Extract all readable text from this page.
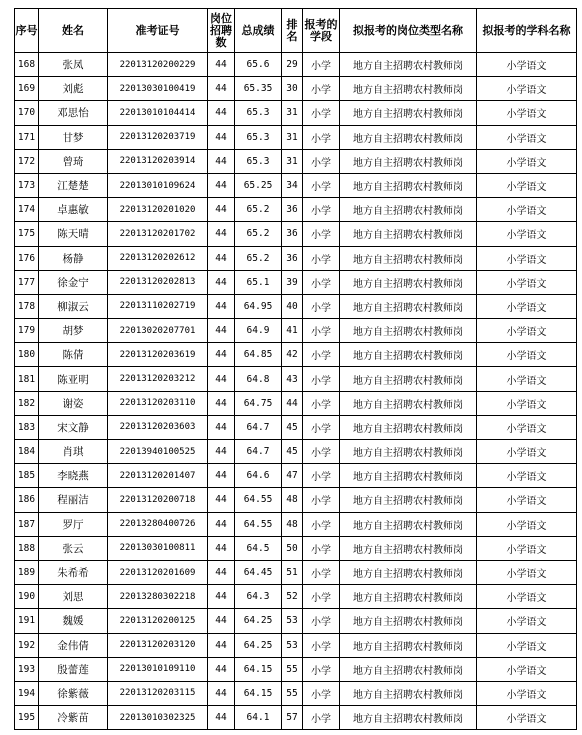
序号	姓名	准考证号	岗位招聘数	总成绩	排名	报考的学段	拟报考的岗位类型名称	拟报考的学科名称
168	张凤	22013120200229	44	65.6	29	小学	地方自主招聘农村教师岗	小学语文
169	刘彪	22013030100419	44	65.35	30	小学	地方自主招聘农村教师岗	小学语文
170	邓思怡	22013010104414	44	65.3	31	小学	地方自主招聘农村教师岗	小学语文
171	甘梦	22013120203719	44	65.3	31	小学	地方自主招聘农村教师岗	小学语文
172	曾琦	22013120203914	44	65.3	31	小学	地方自主招聘农村教师岗	小学语文
173	江楚楚	22013010109624	44	65.25	34	小学	地方自主招聘农村教师岗	小学语文
174	卓惠敏	22013120201020	44	65.2	36	小学	地方自主招聘农村教师岗	小学语文
175	陈天晴	22013120201702	44	65.2	36	小学	地方自主招聘农村教师岗	小学语文
176	杨静	22013120202612	44	65.2	36	小学	地方自主招聘农村教师岗	小学语文
177	徐金宁	22013120202813	44	65.1	39	小学	地方自主招聘农村教师岗	小学语文
178	柳淑云	22013110202719	44	64.95	40	小学	地方自主招聘农村教师岗	小学语文
179	胡梦	22013020207701	44	64.9	41	小学	地方自主招聘农村教师岗	小学语文
180	陈倩	22013120203619	44	64.85	42	小学	地方自主招聘农村教师岗	小学语文
181	陈亚明	22013120203212	44	64.8	43	小学	地方自主招聘农村教师岗	小学语文
182	谢姿	22013120203110	44	64.75	44	小学	地方自主招聘农村教师岗	小学语文
183	宋文静	22013120203603	44	64.7	45	小学	地方自主招聘农村教师岗	小学语文
184	肖琪	22013940100525	44	64.7	45	小学	地方自主招聘农村教师岗	小学语文
185	李晓燕	22013120201407	44	64.6	47	小学	地方自主招聘农村教师岗	小学语文
186	程丽洁	22013120200718	44	64.55	48	小学	地方自主招聘农村教师岗	小学语文
187	罗厅	22013280400726	44	64.55	48	小学	地方自主招聘农村教师岗	小学语文
188	张云	22013030100811	44	64.5	50	小学	地方自主招聘农村教师岗	小学语文
189	朱希希	22013120201609	44	64.45	51	小学	地方自主招聘农村教师岗	小学语文
190	刘思	22013280302218	44	64.3	52	小学	地方自主招聘农村教师岗	小学语文
191	魏媛	22013120200125	44	64.25	53	小学	地方自主招聘农村教师岗	小学语文
192	金伟倩	22013120203120	44	64.25	53	小学	地方自主招聘农村教师岗	小学语文
193	殷蕾莲	22013010109110	44	64.15	55	小学	地方自主招聘农村教师岗	小学语文
194	徐紫薇	22013120203115	44	64.15	55	小学	地方自主招聘农村教师岗	小学语文
195	冷紫苗	22013010302325	44	64.1	57	小学	地方自主招聘农村教师岗	小学语文
